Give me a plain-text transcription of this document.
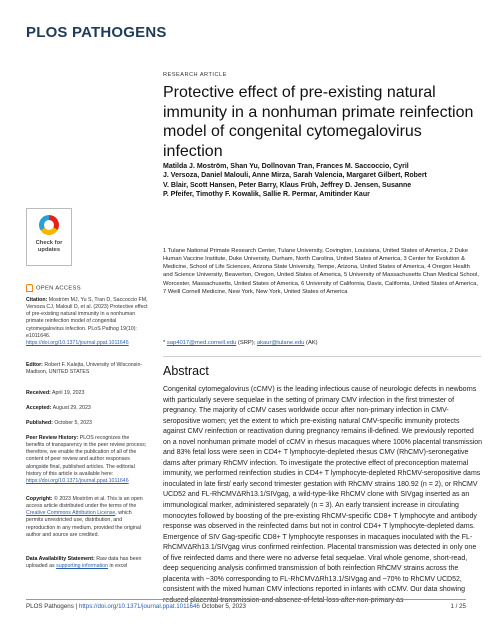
PLOS PATHOGENS
RESEARCH ARTICLE
Protective effect of pre-existing natural immunity in a nonhuman primate reinfection model of congenital cytomegalovirus infection
Matilda J. Moström, Shan Yu, Dollnovan Tran, Frances M. Saccoccio, Cyril
J. Versoza, Daniel Malouli, Anne Mirza, Sarah Valencia, Margaret Gilbert, Robert
V. Blair, Scott Hansen, Peter Barry, Klaus Früh, Jeffrey D. Jensen, Susanne
P. Pfeifer, Timothy F. Kowalik, Sallie R. Permar, Amitinder Kaur
1 Tulane National Primate Research Center, Tulane University, Covington, Louisiana, United States of America, 2 Duke Human Vaccine Institute, Duke University, Durham, North Carolina, United States of America, 3 Center for Evolution & Medicine, School of Life Sciences, Arizona State University, Tempe, Arizona, United States of America, 4 Oregon Health and Science University, Beaverton, Oregon, United States of America, 5 University of Massachusetts Chan Medical School, Worcester, Massachusetts, United States of America, 6 University of California, Davis, California, United States of America, 7 Weill Cornell Medicine, New York, New York, United States of America
* sap4017@med.cornell.edu (SRP); akaur@tulane.edu (AK)
Abstract
Congenital cytomegalovirus (cCMV) is the leading infectious cause of neurologic defects in newborns with particularly severe sequelae in the setting of primary CMV infection in the first trimester of pregnancy. The majority of cCMV cases worldwide occur after non-primary infection in CMV-seropositive women; yet the extent to which pre-existing natural CMV-specific immunity protects against CMV reinfection or reactivation during pregnancy remains ill-defined. We previously reported on a novel nonhuman primate model of cCMV in rhesus macaques where 100% placental transmission and 83% fetal loss were seen in CD4+ T lymphocyte-depleted rhesus CMV (RhCMV)-seronegative dams after primary RhCMV infection. To investigate the protective effect of preconception maternal immunity, we performed reinfection studies in CD4+ T lymphocyte-depleted RhCMV-seropositive dams inoculated in late first/ early second trimester gestation with RhCMV strains 180.92 (n = 2), or RhCMV UCD52 and FL-RhCMVΔRh13.1/SIVgag, a wild-type-like RhCMV clone with SIVgag inserted as an immunological marker, administered separately (n = 3). An early transient increase in circulating monocytes followed by boosting of the pre-existing RhCMV-specific CD8+ T lymphocyte and antibody response was observed in the reinfected dams but not in control CD4+ T lymphocyte-depleted dams. Emergence of SIV Gag-specific CD8+ T lymphocyte responses in macaques inoculated with the FL-RhCMVΔRh13.1/SIVgag virus confirmed reinfection. Placental transmission was detected in only one of five reinfected dams and there were no adverse fetal sequelae. Viral whole genome, short-read, deep sequencing analysis confirmed transmission of both reinfection RhCMV strains across the placenta with ~30% corresponding to FL-RhCMVΔRh13.1/SIVgag and ~70% to RhCMV UCD52, consistent with the mixed human CMV infections reported in infants with cCMV. Our data showing reduced placental transmission and absence of fetal loss after non-primary as
Check for
updates
OPEN ACCESS
Citation: Moström MJ, Yu S, Tran D, Saccoccio FM, Versoza CJ, Malouli D, et al. (2023) Protective effect of pre-existing natural immunity in a nonhuman primate reinfection model of congenital cytomegalovirus infection. PLoS Pathog 19(10): e1011646. https://doi.org/10.1371/journal.ppat.1011646
Editor: Robert F. Kalejta, University of Wisconsin-Madison, UNITED STATES
Received: April 19, 2023
Accepted: August 29, 2023
Published: October 5, 2023
Peer Review History: PLOS recognizes the benefits of transparency in the peer review process; therefore, we enable the publication of all of the content of peer review and author responses alongside final, published articles. The editorial history of this article is available here: https://doi.org/10.1371/journal.ppat.1011646
Copyright: © 2023 Moström et al. This is an open access article distributed under the terms of the Creative Commons Attribution License, which permits unrestricted use, distribution, and reproduction in any medium, provided the original author and source are credited.
Data Availability Statement: Raw data has been uploaded as supporting information in excel
PLOS Pathogens | https://doi.org/10.1371/journal.ppat.1011646 October 5, 2023	1 / 25
